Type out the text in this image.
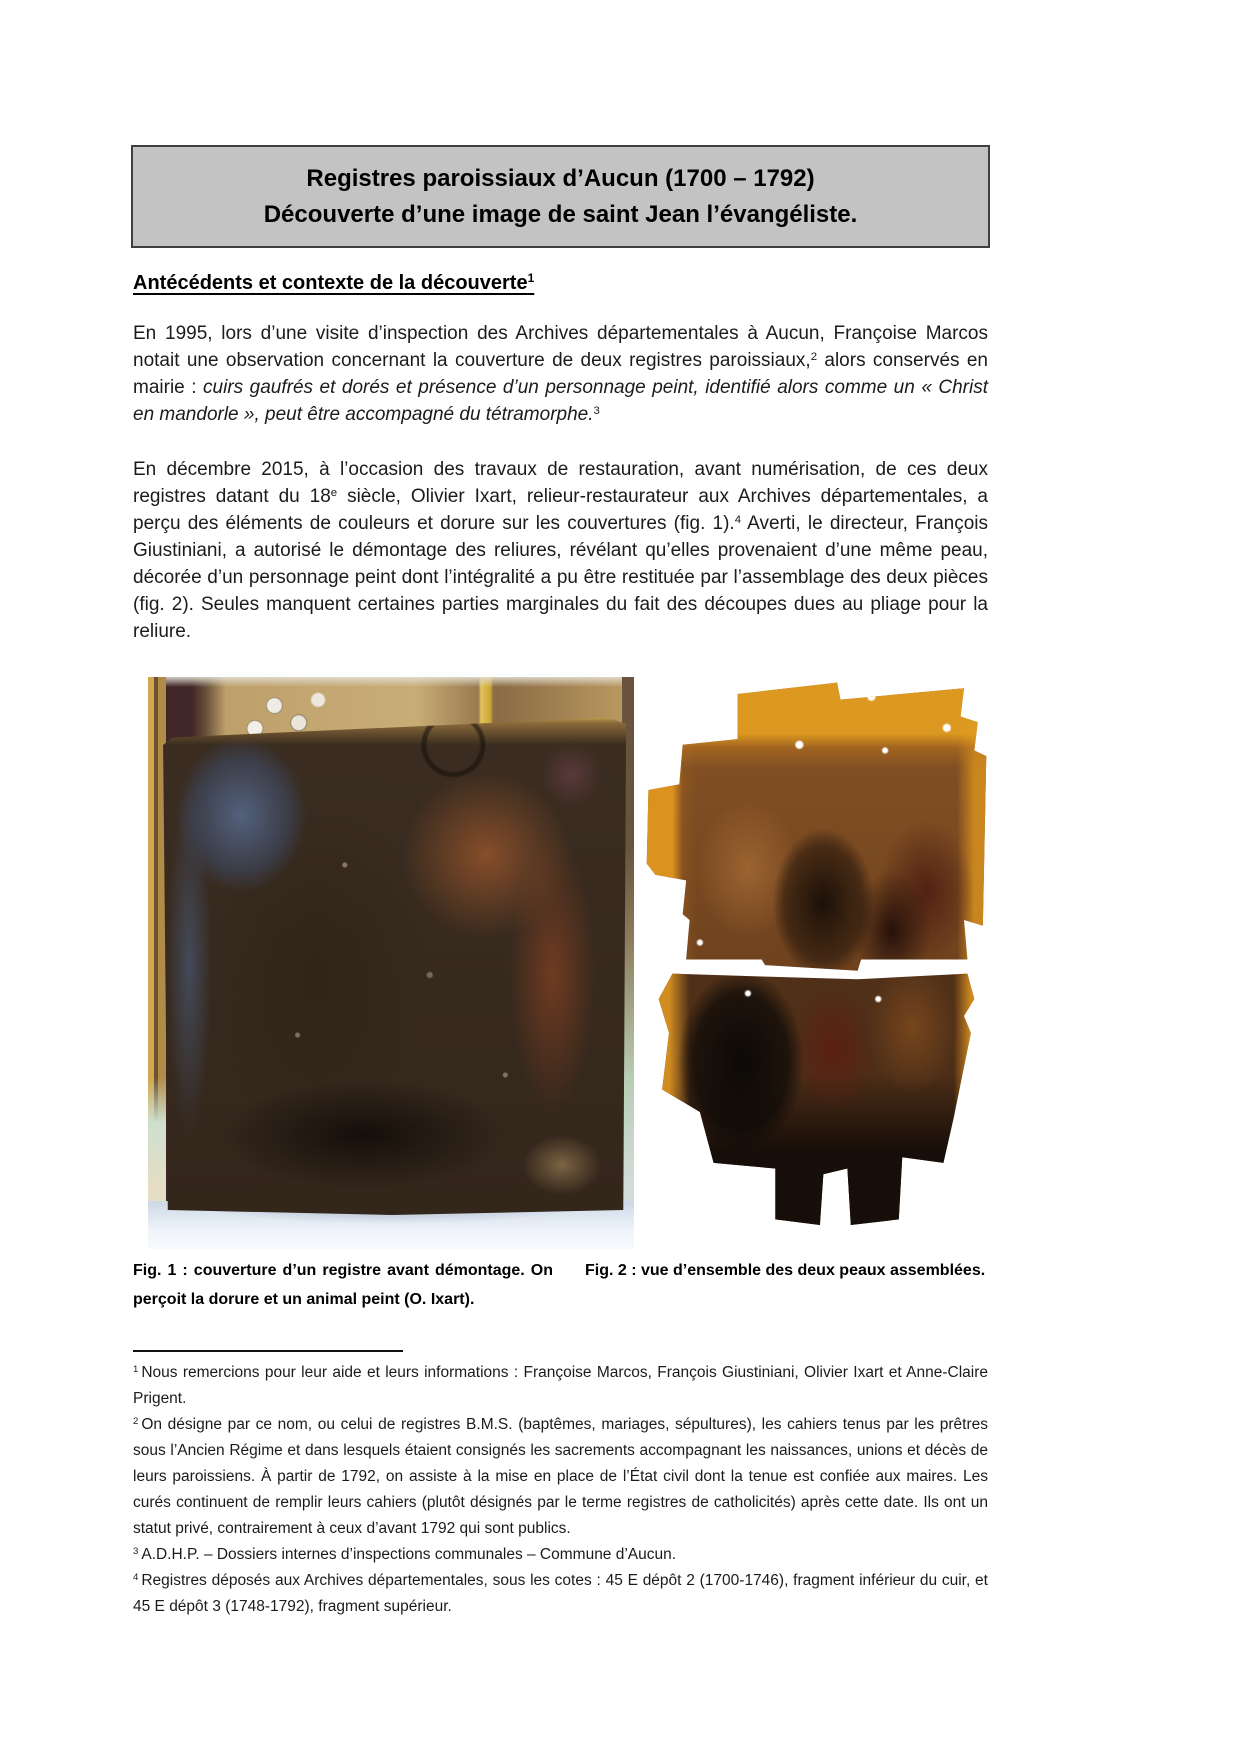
Registres paroissiaux d’Aucun (1700 – 1792)
Découverte d’une image de saint Jean l’évangéliste.
Antécédents et contexte de la découverte$^1$
En 1995, lors d’une visite d’inspection des Archives départementales à Aucun, Françoise Marcos notait une observation concernant la couverture de deux registres paroissiaux,$^2$ alors conservés en mairie : cuirs gaufrés et dorés et présence d’un personnage peint, identifié alors comme un « Christ en mandorle », peut être accompagné du tétramorphe.$^3$
En décembre 2015, à l’occasion des travaux de restauration, avant numérisation, de ces deux registres datant du 18e siècle, Olivier Ixart, relieur-restaurateur aux Archives départementales, a perçu des éléments de couleurs et dorure sur les couvertures (fig. 1).$^4$ Averti, le directeur, François Giustiniani, a autorisé le démontage des reliures, révélant qu’elles provenaient d’une même peau, décorée d’un personnage peint dont l’intégralité a pu être restituée par l’assemblage des deux pièces (fig. 2). Seules manquent certaines parties marginales du fait des découpes dues au pliage pour la reliure.
Fig. 1 : couverture d’un registre avant démontage. On perçoit la dorure et un animal peint (O. Ixart).
Fig. 2 : vue d’ensemble des deux peaux assemblées.
$^1$ Nous remercions pour leur aide et leurs informations : Françoise Marcos, François Giustiniani, Olivier Ixart et Anne-Claire Prigent.
$^2$ On désigne par ce nom, ou celui de registres B.M.S. (baptêmes, mariages, sépultures), les cahiers tenus par les prêtres sous l’Ancien Régime et dans lesquels étaient consignés les sacrements accompagnant les naissances, unions et décès de leurs paroissiens. À partir de 1792, on assiste à la mise en place de l’État civil dont la tenue est confiée aux maires. Les curés continuent de remplir leurs cahiers (plutôt désignés par le terme registres de catholicités) après cette date. Ils ont un statut privé, contrairement à ceux d’avant 1792 qui sont publics.
$^3$ A.D.H.P. – Dossiers internes d’inspections communales – Commune d’Aucun.
$^4$ Registres déposés aux Archives départementales, sous les cotes : 45 E dépôt 2 (1700-1746), fragment inférieur du cuir, et 45 E dépôt 3 (1748-1792), fragment supérieur.
